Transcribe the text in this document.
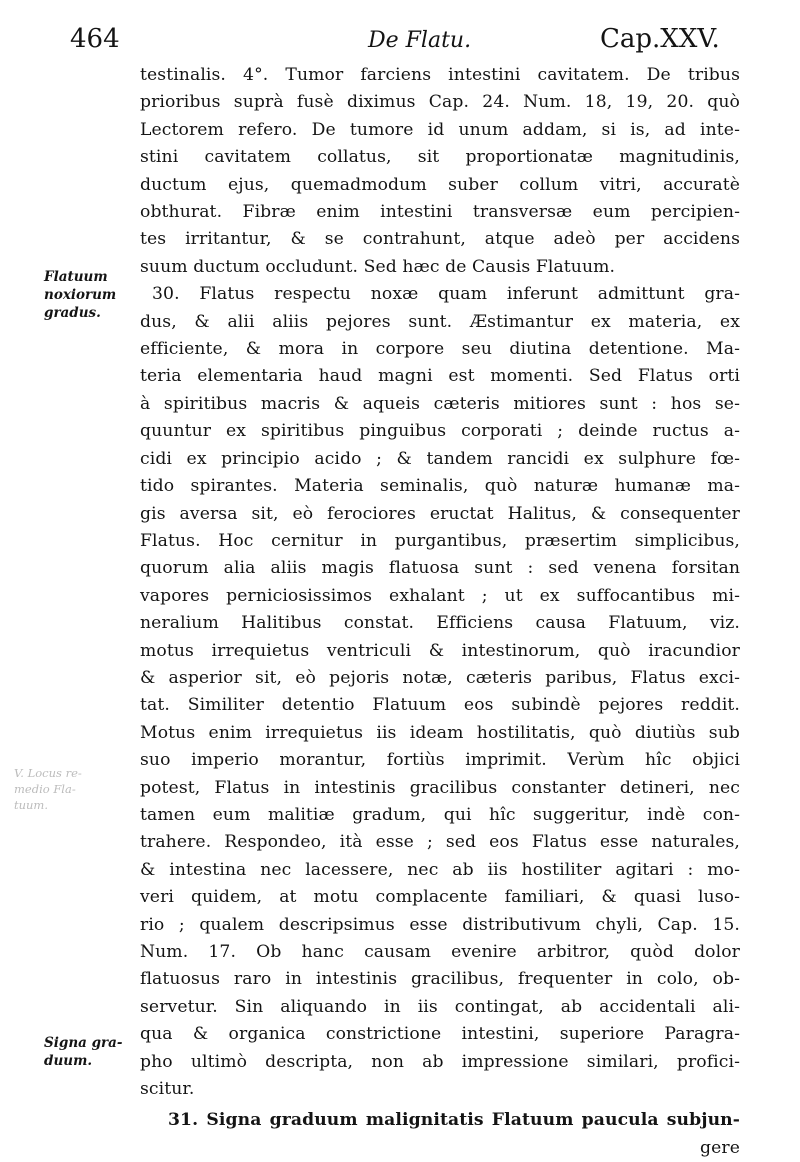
464	De Flatu.	Cap.XXV.
Flatuum
noxiorum
gradus.
V. Locus re-
medio Fla-
tuum.
Signa gra-
duum.
testinalis. 4°. Tumor farciens intestini cavitatem. De tribus
prioribus suprà fusè diximus Cap. 24. Num. 18, 19, 20. quò
Lectorem refero. De tumore id unum addam, si is, ad inte-
stini cavitatem collatus, sit proportionatæ magnitudinis,
ductum ejus, quemadmodum suber collum vitri, accuratè
obthurat. Fibræ enim intestini transversæ eum percipien-
tes irritantur, & se contrahunt, atque adeò per accidens
suum ductum occludunt. Sed hæc de Causis Flatuum.
30. Flatus respectu noxæ quam inferunt admittunt gra-
dus, & alii aliis pejores sunt. Æstimantur ex materia, ex
efficiente, & mora in corpore seu diutina detentione. Ma-
teria elementaria haud magni est momenti. Sed Flatus orti
à spiritibus macris & aqueis cæteris mitiores sunt : hos se-
quuntur ex spiritibus pinguibus corporati ; deinde ructus a-
cidi ex principio acido ; & tandem rancidi ex sulphure fœ-
tido spirantes. Materia seminalis, quò naturæ humanæ ma-
gis aversa sit, eò ferociores eructat Halitus, & consequenter
Flatus. Hoc cernitur in purgantibus, præsertim simplicibus,
quorum alia aliis magis flatuosa sunt : sed venena forsitan
vapores perniciosissimos exhalant ; ut ex suffocantibus mi-
neralium Halitibus constat. Efficiens causa Flatuum, viz.
motus irrequietus ventriculi & intestinorum, quò iracundior
& asperior sit, eò pejoris notæ, cæteris paribus, Flatus exci-
tat. Similiter detentio Flatuum eos subindè pejores reddit.
Motus enim irrequietus iis ideam hostilitatis, quò diutiùs sub
suo imperio morantur, fortiùs imprimit. Verùm hîc objici
potest, Flatus in intestinis gracilibus constanter detineri, nec
tamen eum malitiæ gradum, qui hîc suggeritur, indè con-
trahere. Respondeo, ità esse ; sed eos Flatus esse naturales,
& intestina nec lacessere, nec ab iis hostiliter agitari : mo-
veri quidem, at motu complacente familiari, & quasi luso-
rio ; qualem descripsimus esse distributivum chyli, Cap. 15.
Num. 17. Ob hanc causam evenire arbitror, quòd dolor
flatuosus raro in intestinis gracilibus, frequenter in colo, ob-
servetur. Sin aliquando in iis contingat, ab accidentali ali-
qua & organica constrictione intestini, superiore Paragra-
pho ultimò descripta, non ab impressione similari, profici-
scitur.
31. Signa graduum malignitatis Flatuum paucula subjun-
gere
